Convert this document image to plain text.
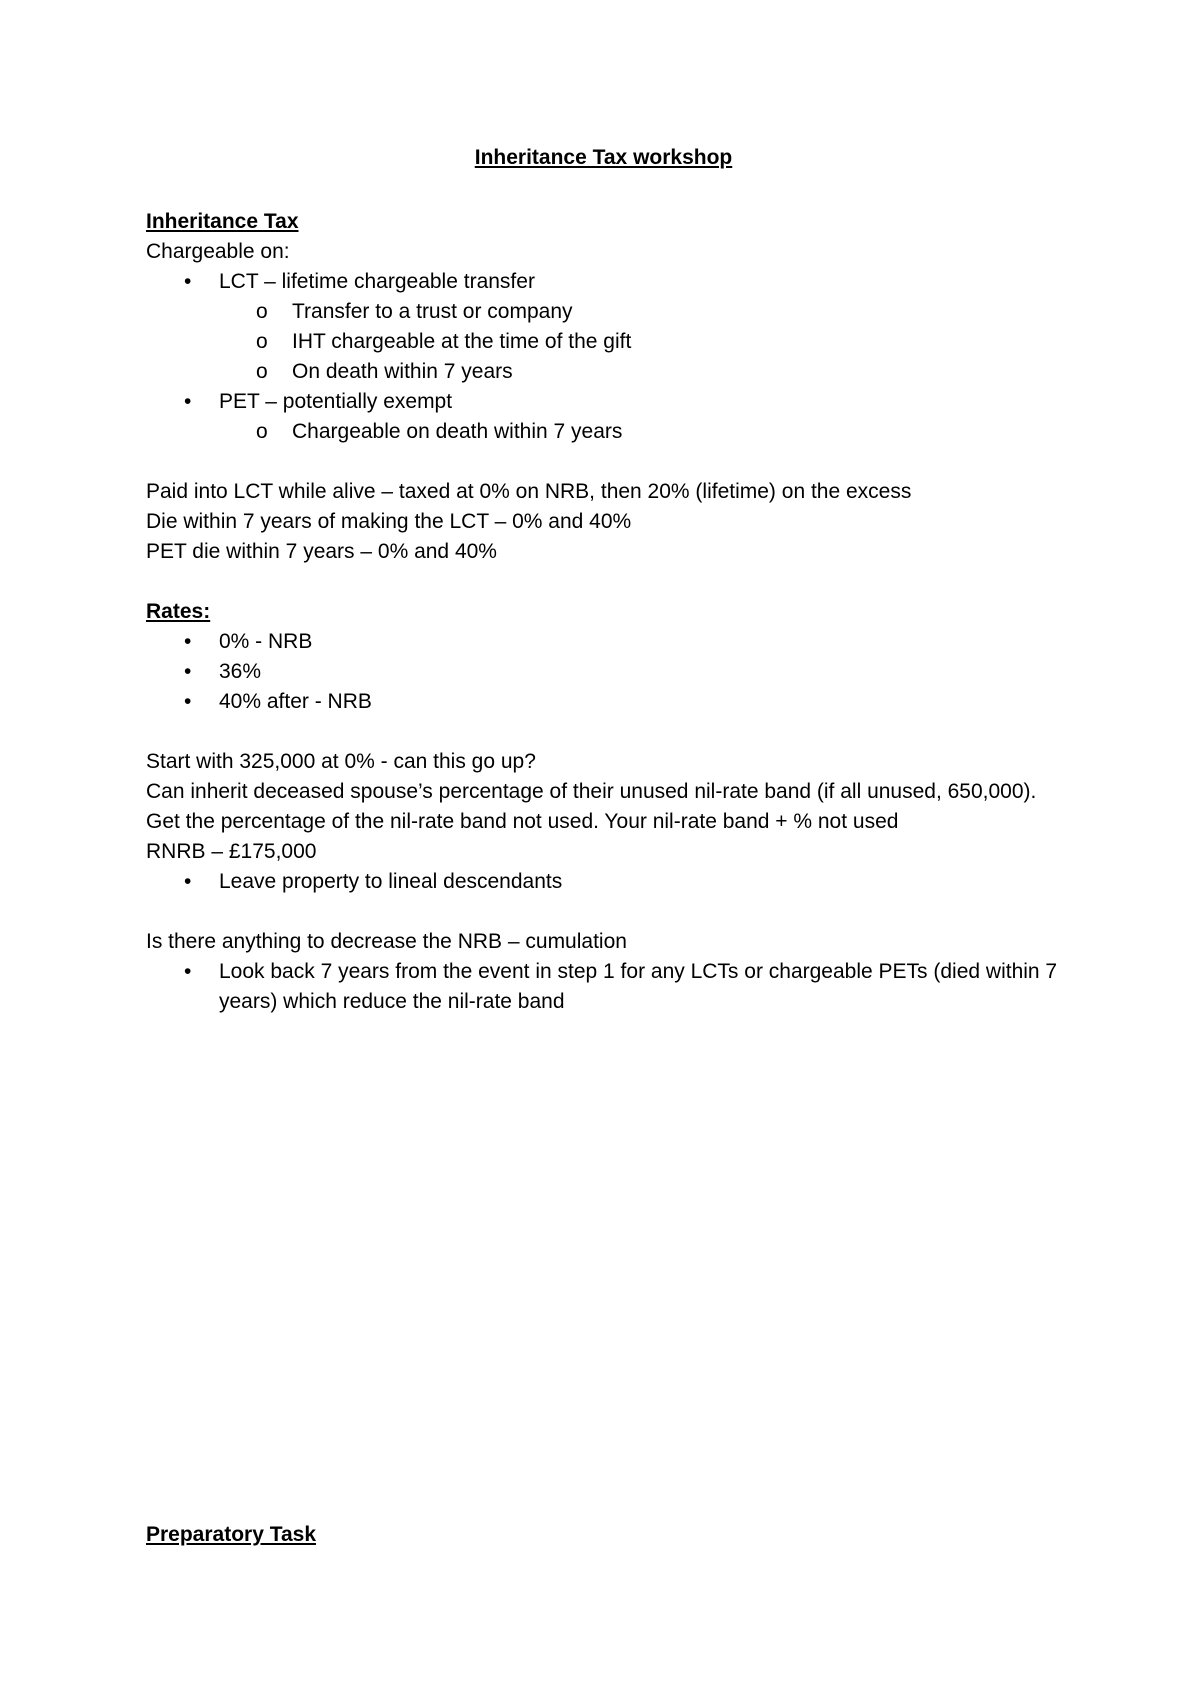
Inheritance Tax workshop

Inheritance Tax

Chargeable on:

• LCT – lifetime chargeable transfer
o Transfer to a trust or company
o IHT chargeable at the time of the gift
o On death within 7 years
• PET – potentially exempt
o Chargeable on death within 7 years

Paid into LCT while alive – taxed at 0% on NRB, then 20% (lifetime) on the excess

Die within 7 years of making the LCT – 0% and 40%

PET die within 7 years – 0% and 40%

Rates:

• 0% - NRB
• 36%
• 40% after - NRB

Start with 325,000 at 0% - can this go up?

Can inherit deceased spouse’s percentage of their unused nil-rate band (if all unused, 650,000). Get the percentage of the nil-rate band not used. Your nil-rate band + % not used

RNRB – £175,000

• Leave property to lineal descendants

Is there anything to decrease the NRB – cumulation

• Look back 7 years from the event in step 1 for any LCTs or chargeable PETs (died within 7 years) which reduce the nil-rate band

Preparatory Task
